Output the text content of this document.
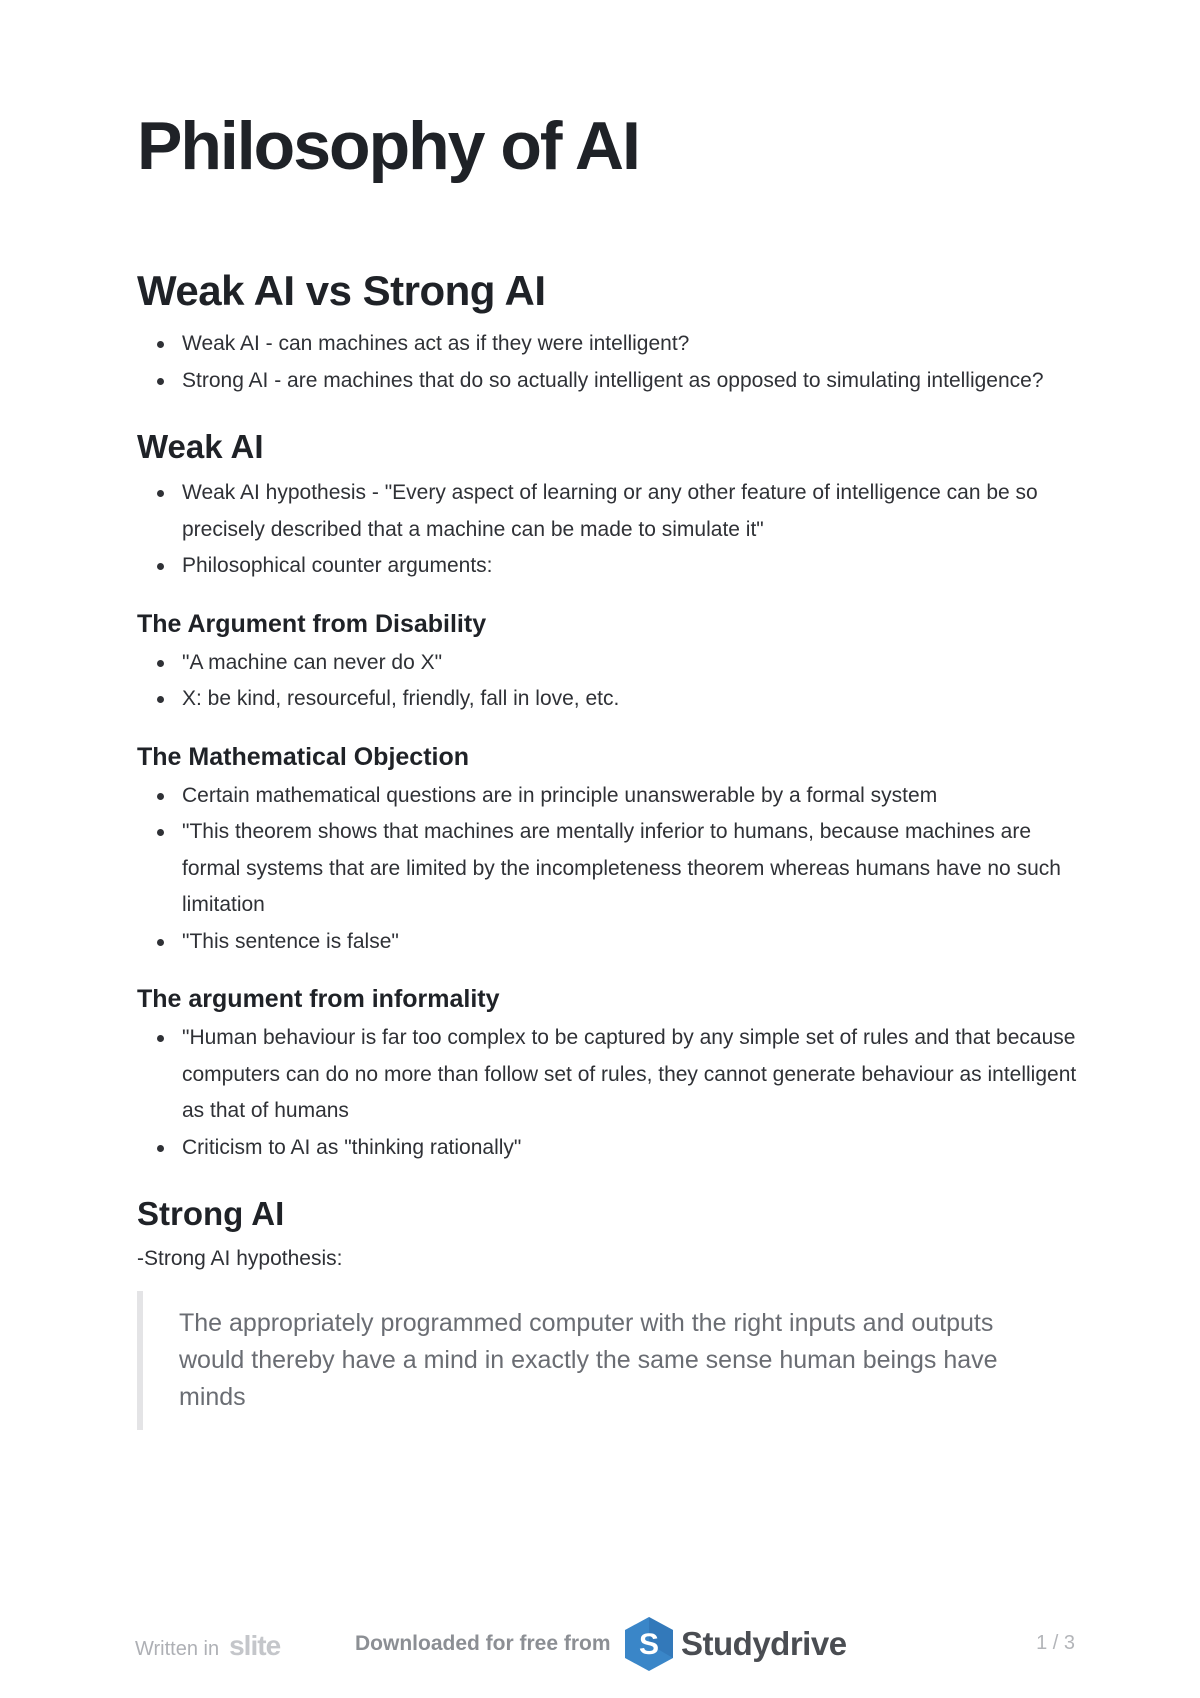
Philosophy of AI
Weak AI vs Strong AI
Weak AI - can machines act as if they were intelligent?
Strong AI - are machines that do so actually intelligent as opposed to simulating intelligence?
Weak AI
Weak AI hypothesis - "Every aspect of learning or any other feature of intelligence can be so precisely described that a machine can be made to simulate it"
Philosophical counter arguments:
The Argument from Disability
"A machine can never do X"
X: be kind, resourceful, friendly, fall in love, etc.
The Mathematical Objection
Certain mathematical questions are in principle unanswerable by a formal system
"This theorem shows that machines are mentally inferior to humans, because machines are formal systems that are limited by the incompleteness theorem whereas humans have no such limitation
"This sentence is false"
The argument from informality
"Human behaviour is far too complex to be captured by any simple set of rules and that because computers can do no more than follow set of rules, they cannot generate behaviour as intelligent as that of humans
Criticism to AI as "thinking rationally"
Strong AI

-Strong AI hypothesis:

The appropriately programmed computer with the right inputs and outputs would thereby have a mind in exactly the same sense human beings have minds
Written in slite	Downloaded for free from S Studydrive	1 / 3
